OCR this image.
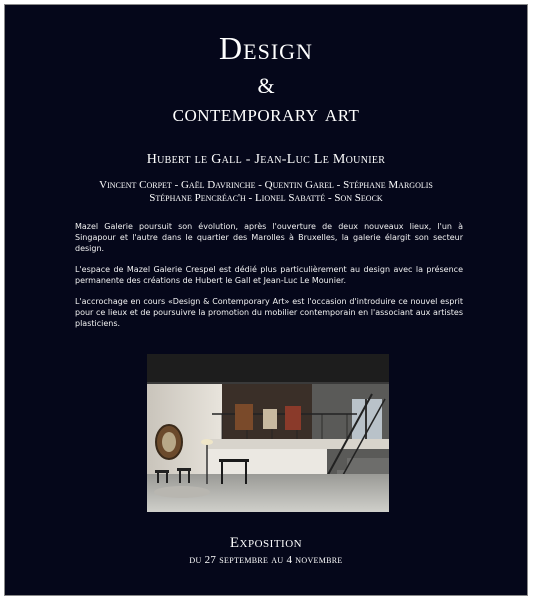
Design
&
contemporary art
Hubert le Gall - Jean-Luc Le Mounier
Vincent Corpet - Gaël Davrinche - Quentin Garel - Stéphane Margolis
Stéphane Pencréac'h - Lionel Sabatté - Son Seock

Mazel Galerie poursuit son évolution, après l'ouverture de deux nouveaux lieux, l'un à Singapour et l'autre dans le quartier des Marolles à Bruxelles, la galerie élargit son secteur design.

L'espace de Mazel Galerie Crespel est dédié plus particulièrement au design avec la présence permanente des créations de Hubert le Gall et Jean-Luc Le Mounier.

L'accrochage en cours «Design & Contemporary Art» est l'occasion d'introduire ce nouvel esprit pour ce lieux et de poursuivre la promotion du mobilier contemporain en l'associant aux artistes plasticiens.

Exposition
du 27 septembre au 4 novembre
